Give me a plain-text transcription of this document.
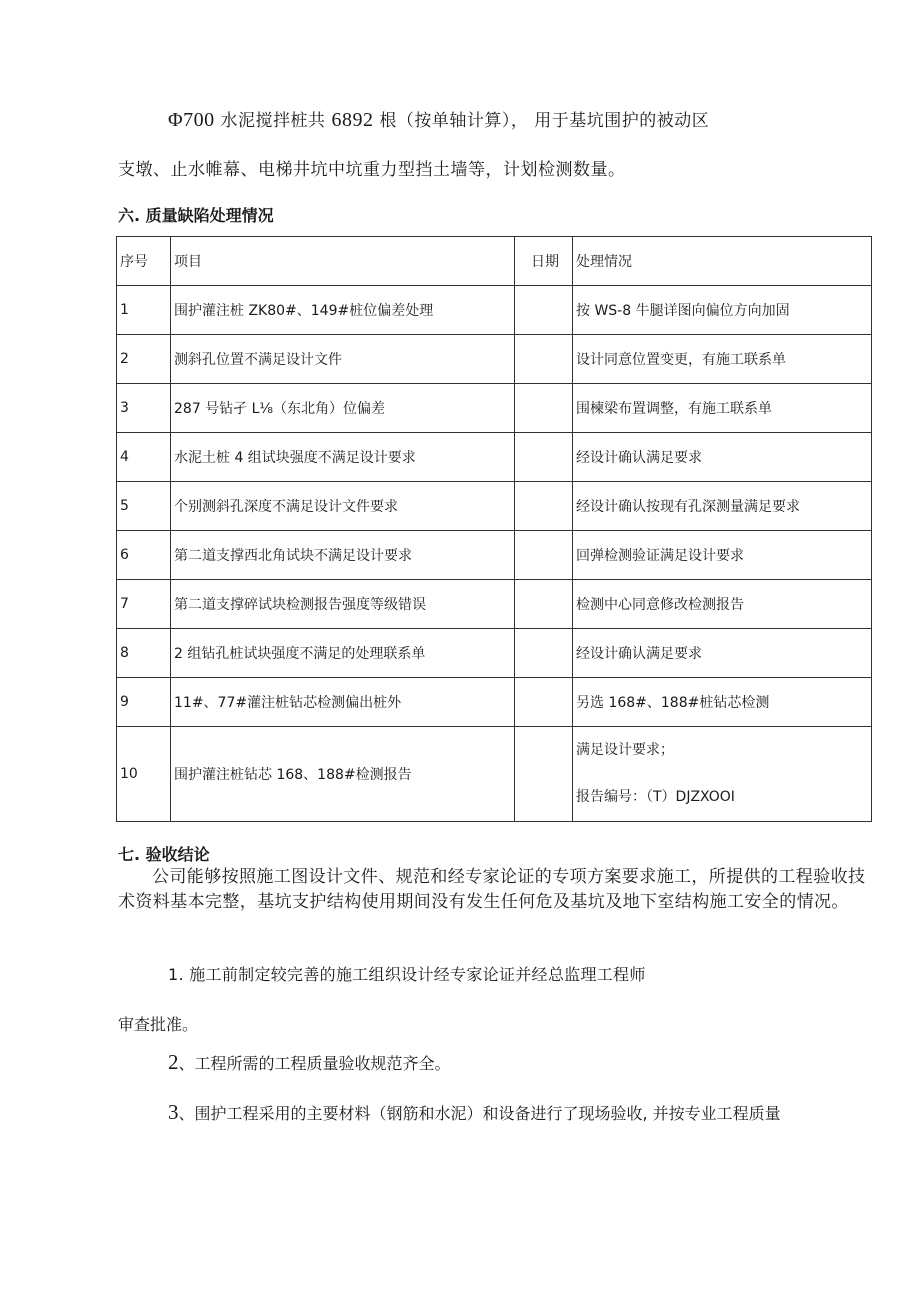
Φ700 水泥搅拌桩共 6892 根（按单轴计算）， 用于基坑围护的被动区
支墩、止水帷幕、电梯井坑中坑重力型挡土墙等，计划检测数量。
六. 质量缺陷处理情况
序号	项目	日期	处理情况
1	围护灌注桩 ZK80#、149#桩位偏差处理		按 WS-8 牛腿详图向偏位方向加固
2	测斜孔位置不满足设计文件		设计同意位置变更，有施工联系单
3	287 号钻孑 L⅛（东北角）位偏差		围楝梁布置调整，有施工联系单
4	水泥土桩 4 组试块强度不满足设计要求		经设计确认满足要求
5	个别测斜孔深度不满足设计文件要求		经设计确认按现有孔深测量满足要求
6	第二道支撑西北角试块不满足设计要求		回弹检测验证满足设计要求
7	第二道支撑碎试块检测报告强度等级错误		检测中心同意修改检测报告
8	2 组钻孔桩试块强度不满足的处理联系单		经设计确认满足要求
9	11#、77#灌注桩钻芯检测偏出桩外		另选 168#、188#桩钻芯检测
10	围护灌注桩钻芯 168、188#检测报告		满足设计要求；
报告编号：（T）DJZXOOI
七. 验收结论
公司能够按照施工图设计文件、规范和经专家论证的专项方案要求施工，所提供的工程验收技术资料基本完整，基坑支护结构使用期间没有发生任何危及基坑及地下室结构施工安全的情况。
1. 施工前制定较完善的施工组织设计经专家论证并经总监理工程师
审查批准。
2、工程所需的工程质量验收规范齐全。
3、围护工程采用的主要材料（钢筋和水泥）和设备进行了现场验收, 并按专业工程质量
